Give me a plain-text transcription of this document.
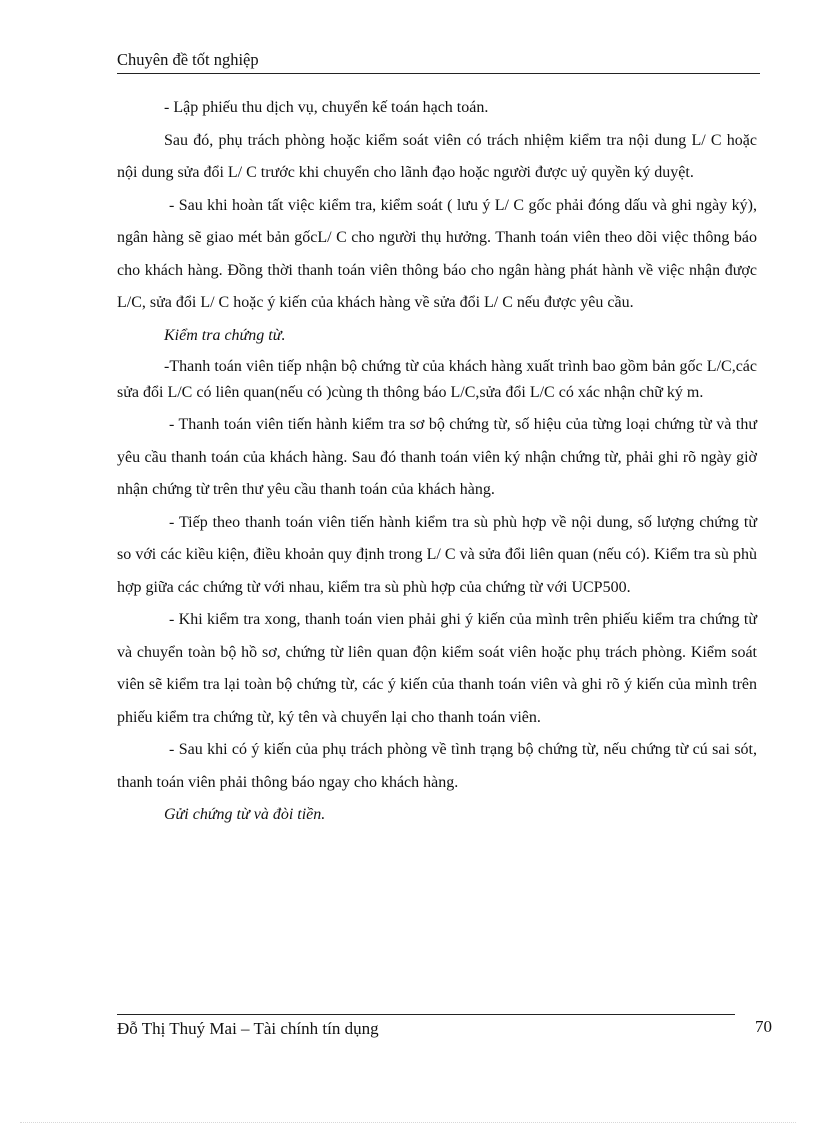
Chuyên đề tốt nghiệp

- Lập phiếu thu dịch vụ, chuyển kế toán hạch toán.

Sau đó, phụ trách phòng hoặc kiểm soát viên có trách nhiệm kiểm tra nội dung L/ C hoặc nội dung sửa đổi L/ C trước khi chuyển cho lãnh đạo hoặc người được uỷ quyền ký duyệt.

- Sau khi hoàn tất việc kiểm tra, kiểm soát ( lưu ý L/ C gốc phải đóng dấu và ghi ngày ký), ngân hàng sẽ giao mét bản gốcL/ C cho người thụ hưởng. Thanh toán viên theo dõi việc thông báo cho khách hàng. Đồng thời thanh toán viên thông báo cho ngân hàng phát hành về việc nhận được L/C, sửa đổi L/ C hoặc ý kiến của khách hàng về sửa đổi L/ C nếu được yêu cầu.

Kiểm tra chứng từ.

-Thanh toán viên tiếp nhận bộ chứng từ của khách hàng xuất trình bao gồm bản gốc L/C,các sửa đổi L/C có liên quan(nếu có )cùng th thông báo L/C,sửa đổi L/C có xác nhận chữ ký m.

- Thanh toán viên tiến hành kiểm tra sơ bộ chứng từ, số hiệu của từng loại chứng từ và thư yêu cầu thanh toán của khách hàng. Sau đó thanh toán viên ký nhận chứng từ, phải ghi rõ ngày giờ nhận chứng từ trên thư yêu cầu thanh toán của khách hàng.

- Tiếp theo thanh toán viên tiến hành kiểm tra sù phù hợp về nội dung, số lượng chứng từ so với các kiều kiện, điều khoản quy định trong L/ C và sửa đổi liên quan (nếu có). Kiểm tra sù phù hợp giữa các chứng từ với nhau, kiểm tra sù phù hợp của chứng từ với UCP500.

- Khi kiểm tra xong, thanh toán vien phải ghi ý kiến của mình trên phiếu kiểm tra chứng từ và chuyển toàn bộ hồ sơ, chứng từ liên quan độn kiểm soát viên hoặc phụ trách phòng. Kiểm soát viên sẽ kiểm tra lại toàn bộ chứng từ, các ý kiến của thanh toán viên và ghi rõ ý kiến của mình trên phiếu kiểm tra chứng từ, ký tên và chuyển lại cho thanh toán viên.

- Sau khi có ý kiến của phụ trách phòng về tình trạng bộ chứng từ, nếu chứng từ cú sai sót, thanh toán viên phải thông báo ngay cho khách hàng.

Gửi chứng từ và đòi tiền.

Đỗ Thị Thuý Mai – Tài chính tín dụng	70
